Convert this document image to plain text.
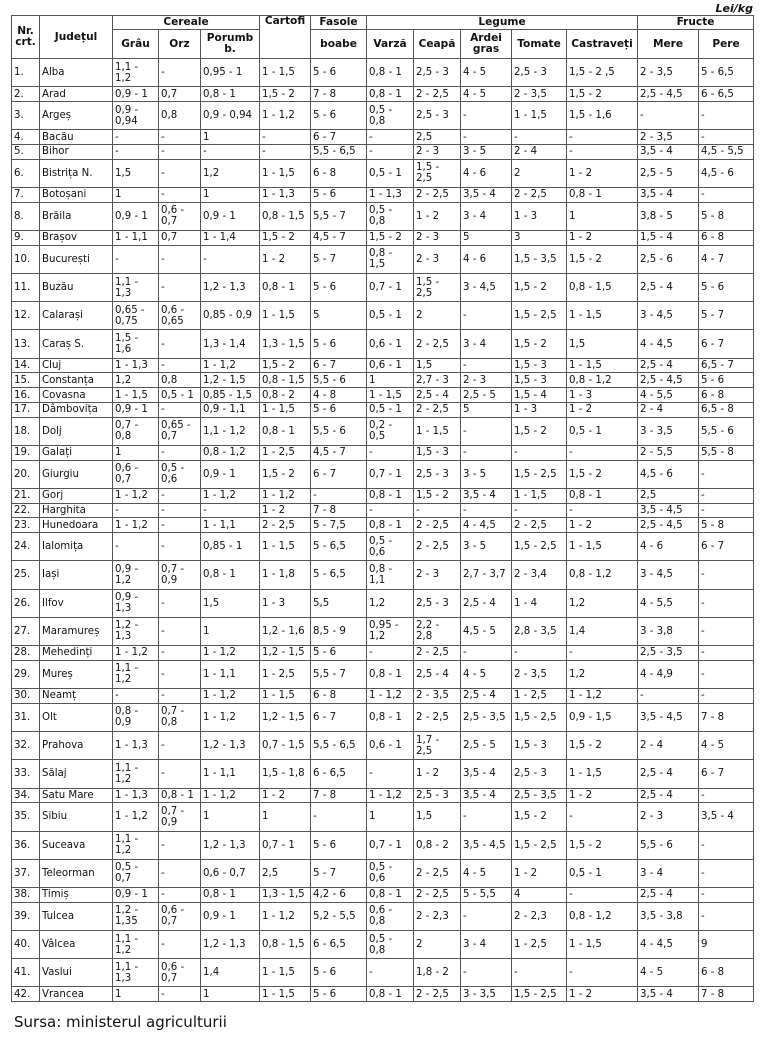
Lei/kg
Nr. crt.	Județul	Cereale			Cartofi	Fasole	Legume					Fructe	
		Grâu	Orz	Porumb b.		boabe	Varză	Ceapă	Ardei gras	Tomate	Castraveți	Mere	Pere
1.	Alba	1,1 - 1,2	-	0,95 - 1	1 - 1,5	5 - 6	0,8 - 1	2,5 - 3	4 - 5	2,5 - 3	1,5 - 2 ,5	2 - 3,5	5 - 6,5
2.	Arad	0,9 - 1	0,7	0,8 - 1	1,5 - 2	7 - 8	0,8 - 1	2 - 2,5	4 - 5	2 - 3,5	1,5 - 2	2,5 - 4,5	6 - 6,5
3.	Argeș	0,9 - 0,94	0,8	0,9 - 0,94	1 - 1,2	5 - 6	0,5 - 0,8	2,5 - 3	-	1 - 1,5	1,5 - 1,6	-	-
4.	Bacău	-	-	1	-	6 - 7	-	2,5	-	-	-	2 - 3,5	-
5.	Bihor	-	-	-	-	5,5 - 6,5	-	2 - 3	3 - 5	2 - 4	-	3,5 - 4	4,5 - 5,5
6.	Bistrița N.	1,5	-	1,2	1 - 1,5	6 - 8	0,5 - 1	1,5 - 2,5	4 - 6	2	1 - 2	2,5 - 5	4,5 - 6
7.	Botoșani	1	-	1	1 - 1,3	5 - 6	1 - 1,3	2 - 2,5	3,5 - 4	2 - 2,5	0,8 - 1	3,5 - 4	-
8.	Brăila	0,9 - 1	0,6 - 0,7	0,9 - 1	0,8 - 1,5	5,5 - 7	0,5 - 0,8	1 - 2	3 - 4	1 - 3	1	3,8 - 5	5 - 8
9.	Brașov	1 - 1,1	0,7	1 - 1,4	1,5 - 2	4,5 - 7	1,5 - 2	2 - 3	5	3	1 - 2	1,5 - 4	6 - 8
10.	București	-	-	-	1 - 2	5 - 7	0,8 - 1,5	2 - 3	4 - 6	1,5 - 3,5	1,5 - 2	2,5 - 6	4 - 7
11.	Buzău	1,1 - 1,3	-	1,2 - 1,3	0,8 - 1	5 - 6	0,7 - 1	1,5 - 2,5	3 - 4,5	1,5 - 2	0,8 - 1,5	2,5 - 4	5 - 6
12.	Calarași	0,65 - 0,75	0,6 - 0,65	0,85 - 0,9	1 - 1,5	5	0,5 - 1	2	-	1,5 - 2,5	1 - 1,5	3 - 4,5	5 - 7
13.	Caraș S.	1,5 - 1,6	-	1,3 - 1,4	1,3 - 1,5	5 - 6	0,6 - 1	2 - 2,5	3 - 4	1,5 - 2	1,5	4 - 4,5	6 - 7
14.	Cluj	1 - 1,3	-	1 - 1,2	1,5 - 2	6 - 7	0,6 - 1	1,5	-	1,5 - 3	1 - 1,5	2,5 - 4	6,5 - 7
15.	Constanța	1,2	0,8	1,2 - 1,5	0,8 - 1,5	5,5 - 6	1	2,7 - 3	2 - 3	1,5 - 3	0,8 - 1,2	2,5 - 4,5	5 - 6
16.	Covasna	1 - 1,5	0,5 - 1	0,85 - 1,5	0,8 - 2	4 - 8	1 - 1,5	2,5 - 4	2,5 - 5	1,5 - 4	1 - 3	4 - 5,5	6 - 8
17.	Dâmbovița	0,9 - 1	-	0,9 - 1,1	1 - 1,5	5 - 6	0,5 - 1	2 - 2,5	5	1 - 3	1 - 2	2 - 4	6,5 - 8
18.	Dolj	0,7 - 0,8	0,65 - 0,7	1,1 - 1,2	0,8 - 1	5,5 - 6	0,2 - 0,5	1 - 1,5	-	1,5 - 2	0,5 - 1	3 - 3,5	5,5 - 6
19.	Galați	1	-	0,8 - 1,2	1 - 2,5	4,5 - 7	-	1,5 - 3	-	-	-	2 - 5,5	5,5 - 8
20.	Giurgiu	0,6 - 0,7	0,5 - 0,6	0,9 - 1	1,5 - 2	6 - 7	0,7 - 1	2,5 - 3	3 - 5	1,5 - 2,5	1,5 - 2	4,5 - 6	-
21.	Gorj	1 - 1,2	-	1 - 1,2	1 - 1,2	-	0,8 - 1	1,5 - 2	3,5 - 4	1 - 1,5	0,8 - 1	2,5	-
22.	Harghita	-	-	-	1 - 2	7 - 8	-	-	-	-	-	3,5 - 4,5	-
23.	Hunedoara	1 - 1,2	-	1 - 1,1	2 - 2,5	5 - 7,5	0,8 - 1	2 - 2,5	4 - 4,5	2 - 2,5	1 - 2	2,5 - 4,5	5 - 8
24.	Ialomița	-	-	0,85 - 1	1 - 1,5	5 - 6,5	0,5 - 0,6	2 - 2,5	3 - 5	1,5 - 2,5	1 - 1,5	4 - 6	6 - 7
25.	Iași	0,9 - 1,2	0,7 - 0,9	0,8 - 1	1 - 1,8	5 - 6,5	0,8 - 1,1	2 - 3	2,7 - 3,7	2 - 3,4	0,8 - 1,2	3 - 4,5	-
26.	Ilfov	0,9 - 1,3	-	1,5	1 - 3	5,5	1,2	2,5 - 3	2,5 - 4	1 - 4	1,2	4 - 5,5	-
27.	Maramureș	1,2 - 1,3	-	1	1,2 - 1,6	8,5 - 9	0,95 - 1,2	2,2 - 2,8	4,5 - 5	2,8 - 3,5	1,4	3 - 3,8	-
28.	Mehedinți	1 - 1,2	-	1 - 1,2	1,2 - 1,5	5 - 6	-	2 - 2,5	-	-	-	2,5 - 3,5	-
29.	Mureș	1,1 - 1,2	-	1 - 1,1	1 - 2,5	5,5 - 7	0,8 - 1	2,5 - 4	4 - 5	2 - 3,5	1,2	4 - 4,9	-
30.	Neamț	-	-	1 - 1,2	1 - 1,5	6 - 8	1 - 1,2	2 - 3,5	2,5 - 4	1 - 2,5	1 - 1,2	-	-
31.	Olt	0,8 - 0,9	0,7 - 0,8	1 - 1,2	1,2 - 1,5	6 - 7	0,8 - 1	2 - 2,5	2,5 - 3,5	1,5 - 2,5	0,9 - 1,5	3,5 - 4,5	7 - 8
32.	Prahova	1 - 1,3	-	1,2 - 1,3	0,7 - 1,5	5,5 - 6,5	0,6 - 1	1,7 - 2,5	2,5 - 5	1,5 - 3	1,5 - 2	2 - 4	4 - 5
33.	Sălaj	1,1 - 1,2	-	1 - 1,1	1,5 - 1,8	6 - 6,5	-	1 - 2	3,5 - 4	2,5 - 3	1 - 1,5	2,5 - 4	6 - 7
34.	Satu Mare	1 - 1,3	0,8 - 1	1 - 1,2	1 - 2	7 - 8	1 - 1,2	2,5 - 3	3,5 - 4	2,5 - 3,5	1 - 2	2,5 - 4	-
35.	Sibiu	1 - 1,2	0,7 - 0,9	1	1	-	1	1,5	-	1,5 - 2	-	2 - 3	3,5 - 4
36.	Suceava	1,1 - 1,2	-	1,2 - 1,3	0,7 - 1	5 - 6	0,7 - 1	0,8 - 2	3,5 - 4,5	1,5 - 2,5	1,5 - 2	5,5 - 6	-
37.	Teleorman	0,5 - 0,7	-	0,6 - 0,7	2,5	5 - 7	0,5 - 0,6	2 - 2,5	4 - 5	1 - 2	0,5 - 1	3 - 4	-
38.	Timiș	0,9 - 1	-	0,8 - 1	1,3 - 1,5	4,2 - 6	0,8 - 1	2 - 2,5	5 - 5,5	4	-	2,5 - 4	-
39.	Tulcea	1,2 - 1,35	0,6 - 0,7	0,9 - 1	1 - 1,2	5,2 - 5,5	0,6 - 0,8	2 - 2,3	-	2 - 2,3	0,8 - 1,2	3,5 - 3,8	-
40.	Vâlcea	1,1 - 1,2	-	1,2 - 1,3	0,8 - 1,5	6 - 6,5	0,5 - 0,8	2	3 - 4	1 - 2,5	1 - 1,5	4 - 4,5	9
41.	Vaslui	1,1 - 1,3	0,6 - 0,7	1,4	1 - 1,5	5 - 6	-	1,8 - 2	-	-	-	4 - 5	6 - 8
42.	Vrancea	1	-	1	1 - 1,5	5 - 6	0,8 - 1	2 - 2,5	3 - 3,5	1,5 - 2,5	1 - 2	3,5 - 4	7 - 8
Sursa: ministerul agriculturii
